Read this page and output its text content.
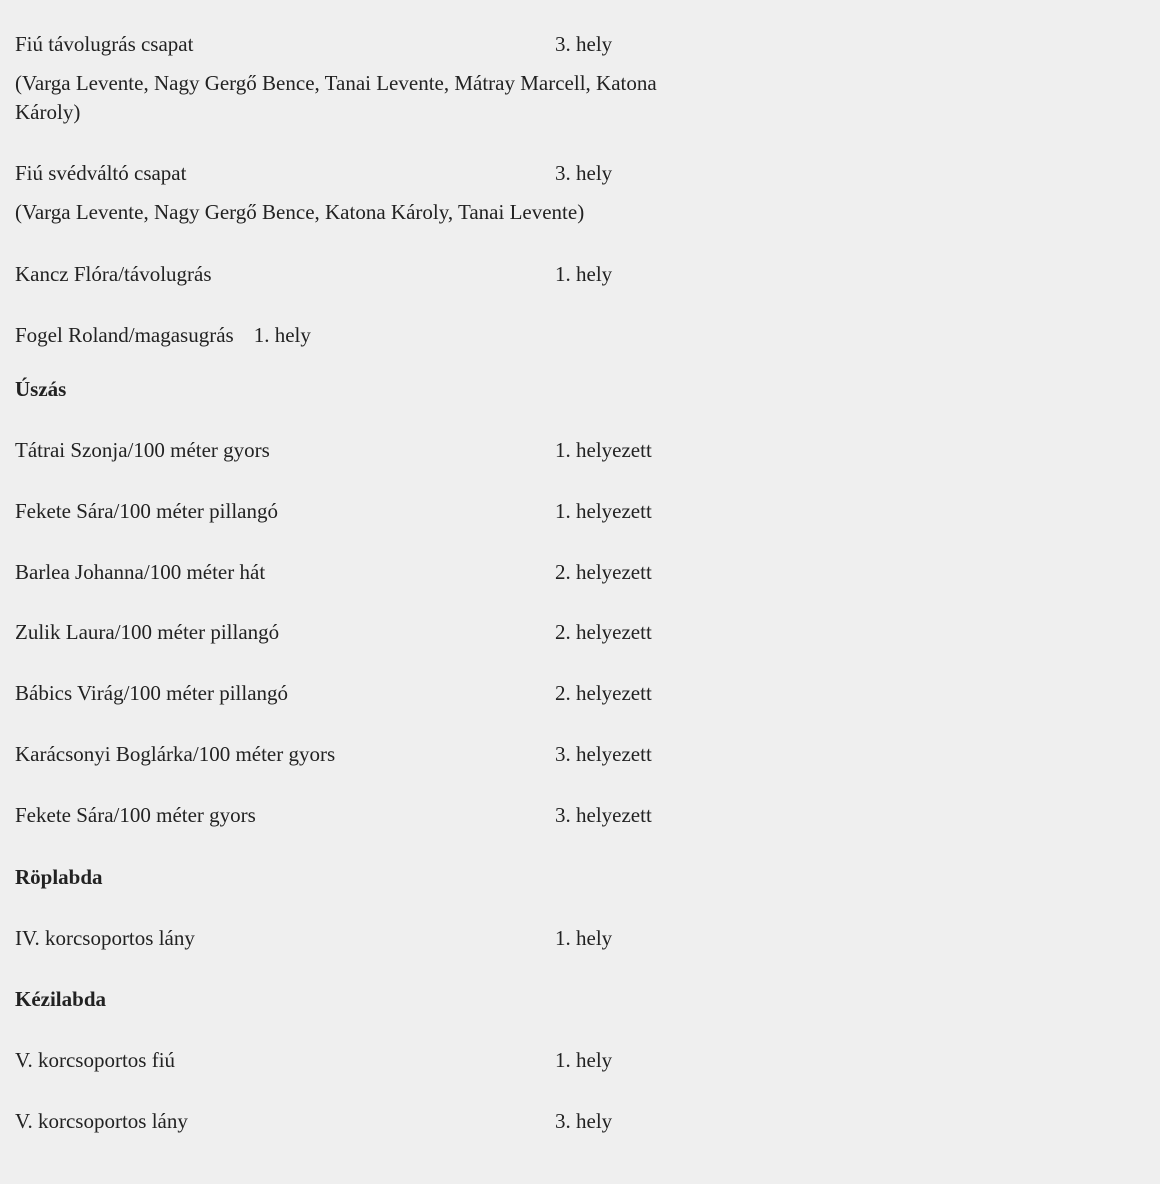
Fiú távolugrás csapat	3. hely
(Varga Levente, Nagy Gergő Bence, Tanai Levente, Mátray Marcell, Katona Károly)
Fiú svédváltó csapat	3. hely
(Varga Levente, Nagy Gergő Bence, Katona Károly, Tanai Levente)
Kancz Flóra/távolugrás	1. hely
Fogel Roland/magasugrás 1. hely
Úszás
Tátrai Szonja/100 méter gyors	1. helyezett
Fekete Sára/100 méter pillangó	1. helyezett
Barlea Johanna/100 méter hát	2. helyezett
Zulik Laura/100 méter pillangó	2. helyezett
Bábics Virág/100 méter pillangó	2. helyezett
Karácsonyi Boglárka/100 méter gyors	3. helyezett
Fekete Sára/100 méter gyors	3. helyezett
Röplabda
IV. korcsoportos lány	1. hely
Kézilabda
V. korcsoportos fiú	1. hely
V. korcsoportos lány	3. hely
